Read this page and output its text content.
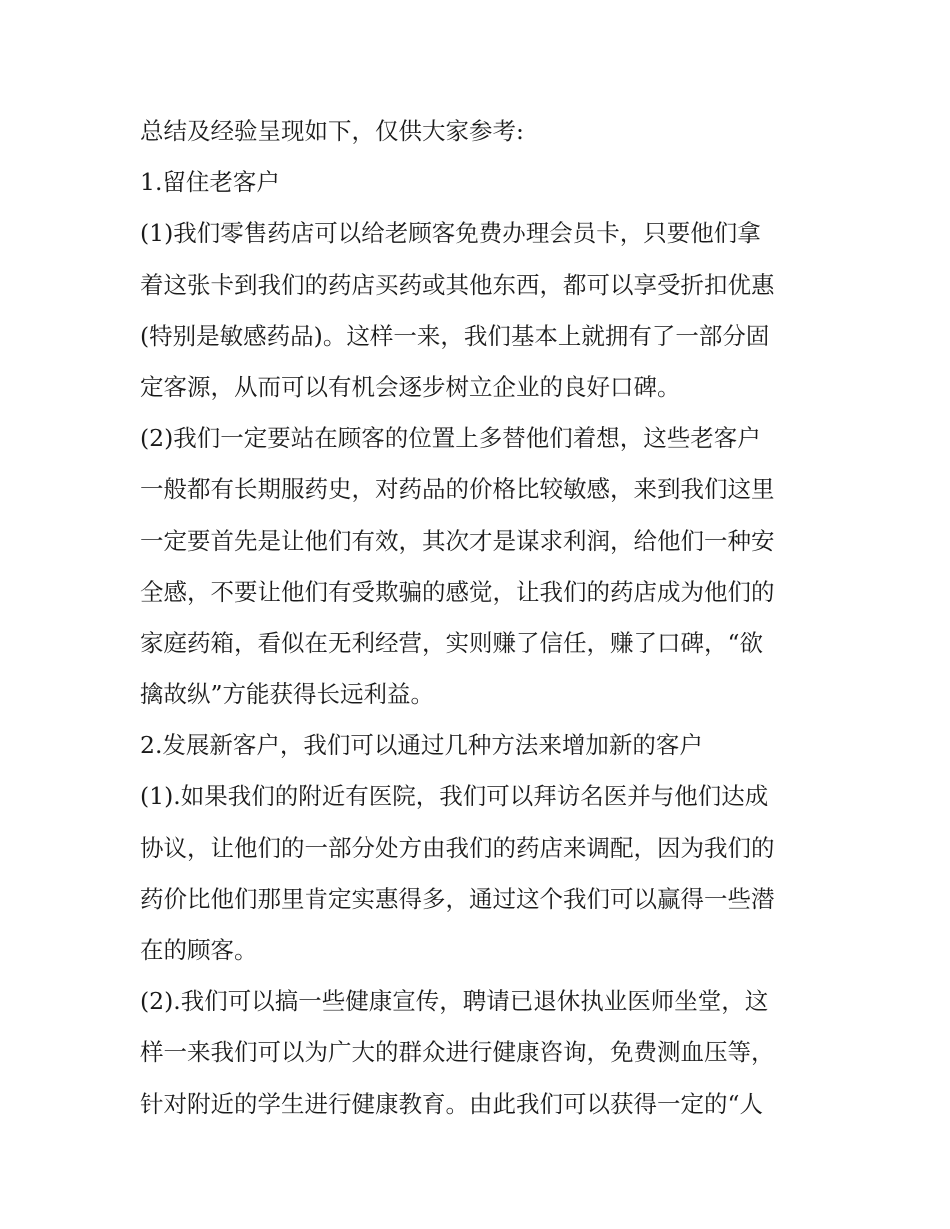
总结及经验呈现如下，仅供大家参考:
1.留住老客户
(1)我们零售药店可以给老顾客免费办理会员卡，只要他们拿
着这张卡到我们的药店买药或其他东西，都可以享受折扣优惠
(特别是敏感药品)。这样一来，我们基本上就拥有了一部分固
定客源，从而可以有机会逐步树立企业的良好口碑。
(2)我们一定要站在顾客的位置上多替他们着想，这些老客户
一般都有长期服药史，对药品的价格比较敏感，来到我们这里
一定要首先是让他们有效，其次才是谋求利润，给他们一种安
全感，不要让他们有受欺骗的感觉，让我们的药店成为他们的
家庭药箱，看似在无利经营，实则赚了信任，赚了口碑，“欲
擒故纵”方能获得长远利益。
2.发展新客户，我们可以通过几种方法来增加新的客户
(1).如果我们的附近有医院，我们可以拜访名医并与他们达成
协议，让他们的一部分处方由我们的药店来调配，因为我们的
药价比他们那里肯定实惠得多，通过这个我们可以赢得一些潜
在的顾客。
(2).我们可以搞一些健康宣传，聘请已退休执业医师坐堂，这
样一来我们可以为广大的群众进行健康咨询，免费测血压等，
针对附近的学生进行健康教育。由此我们可以获得一定的“人
